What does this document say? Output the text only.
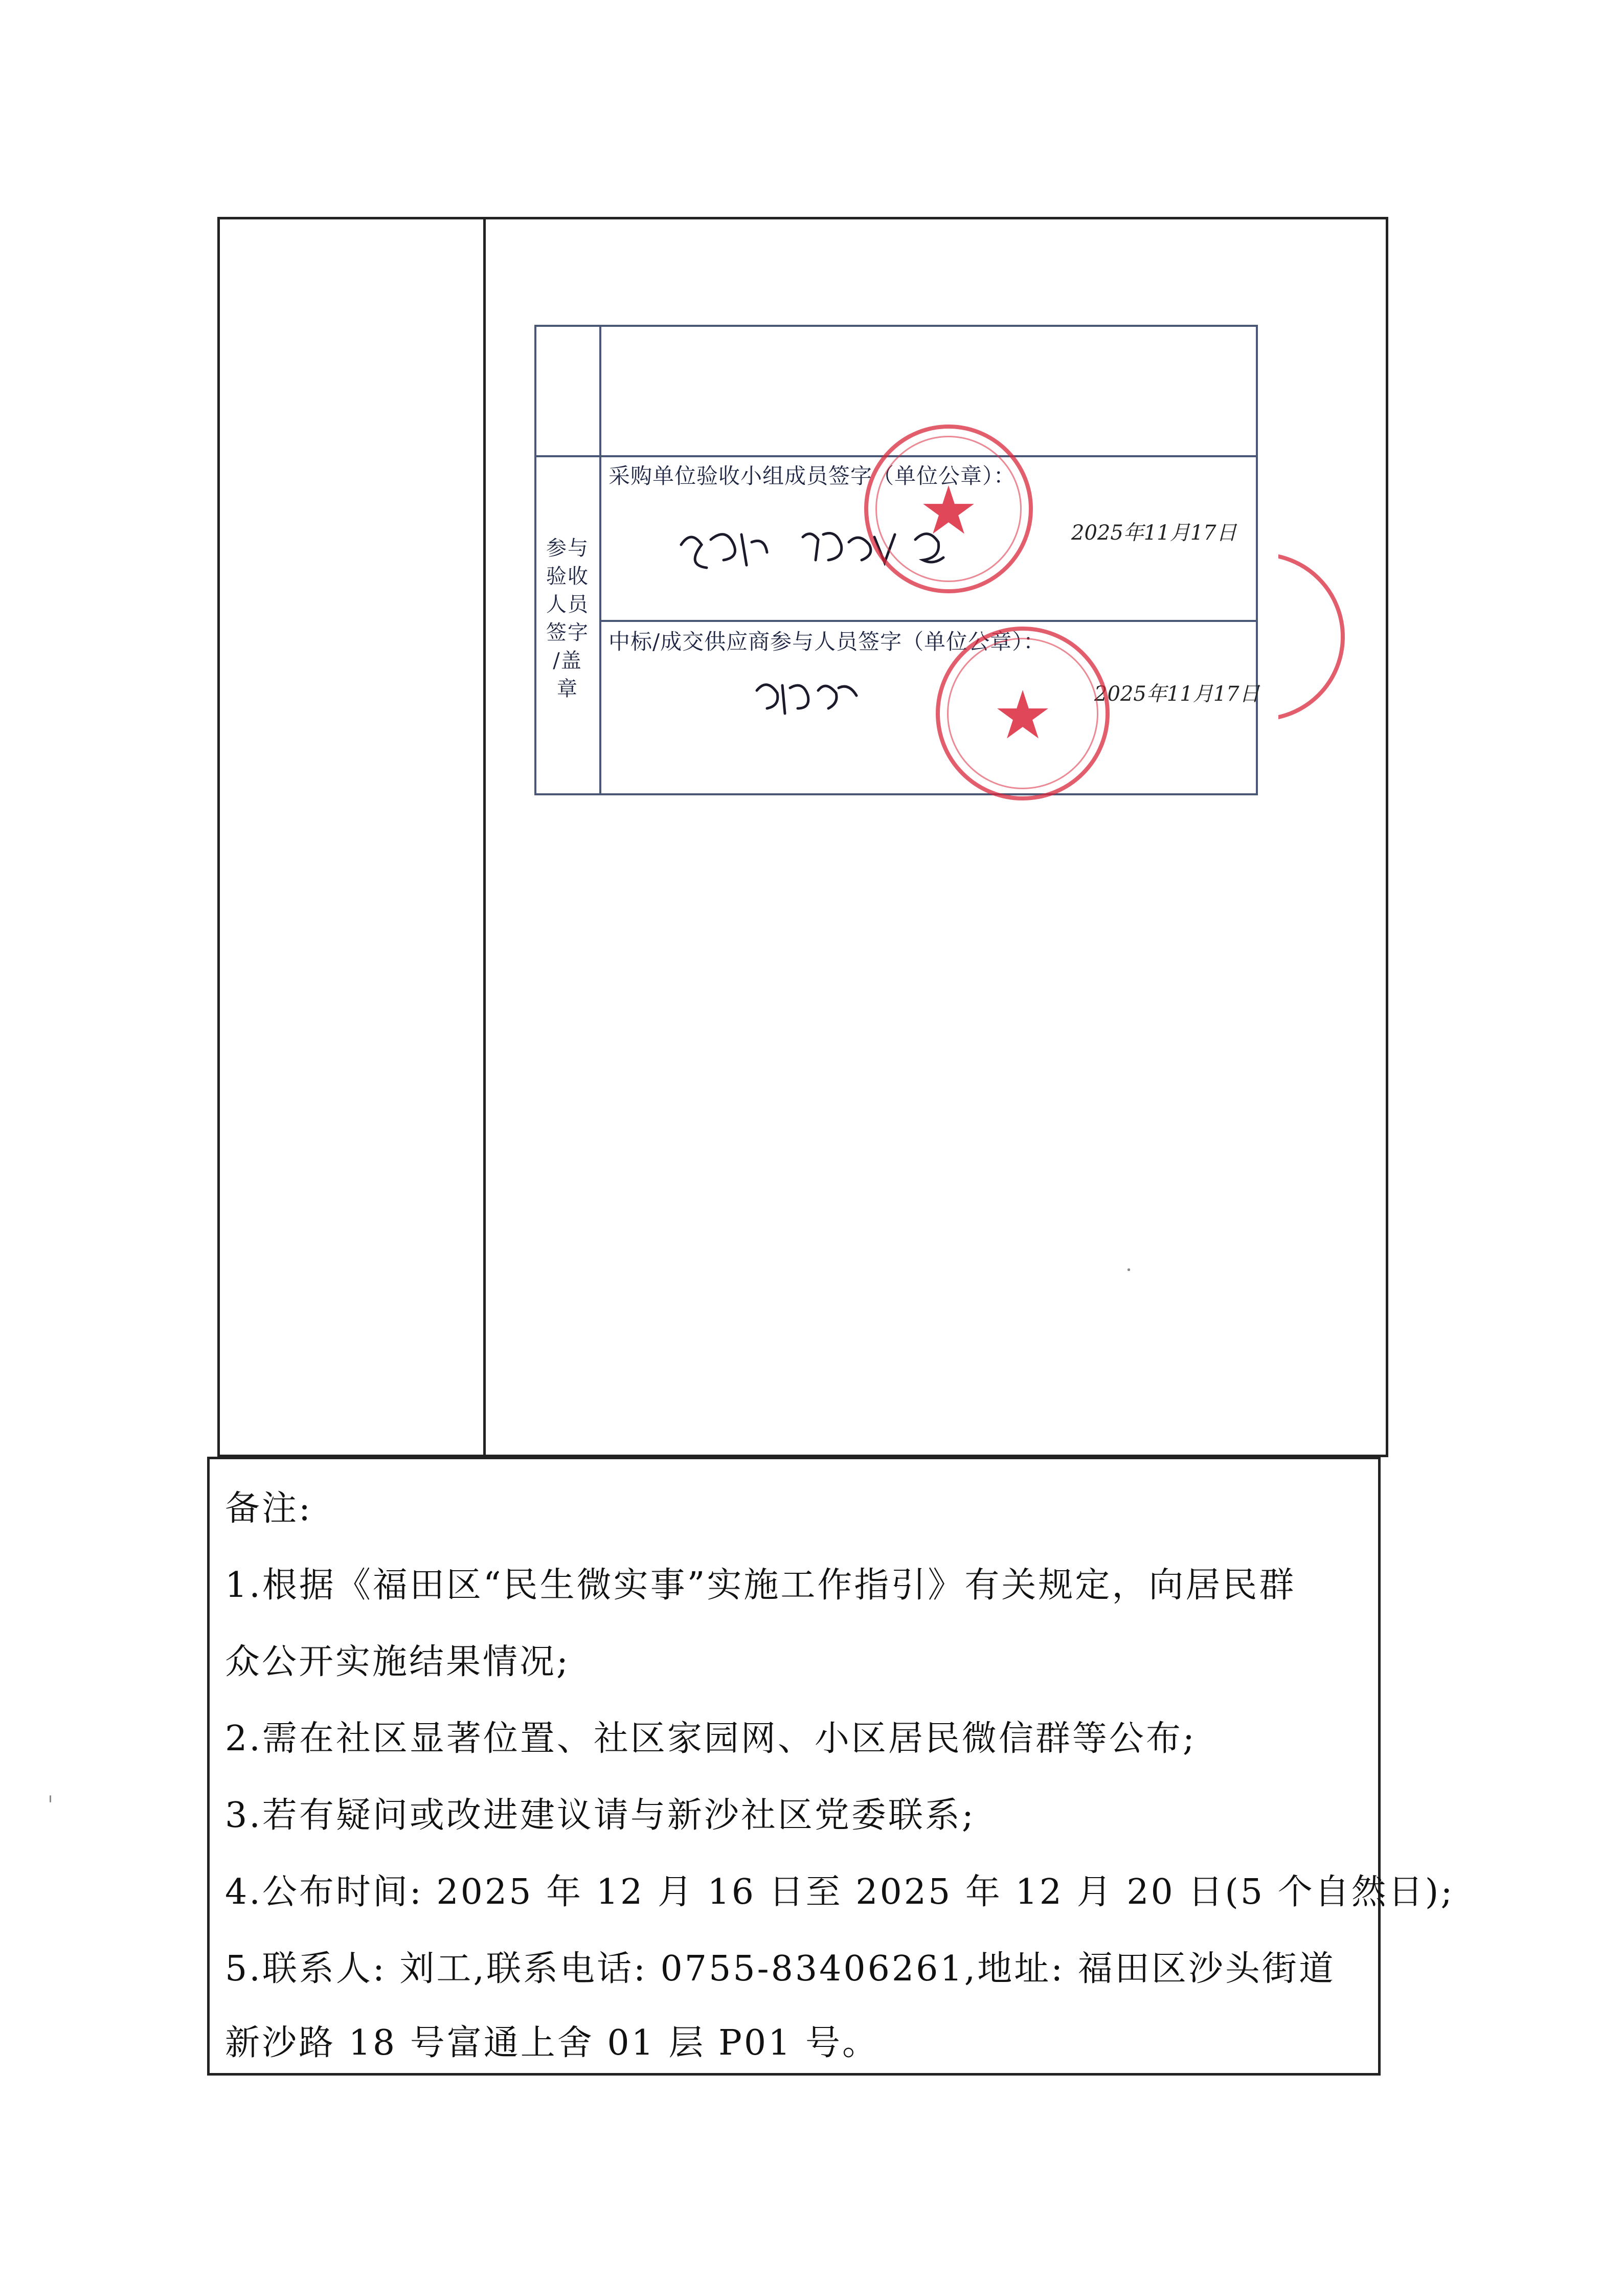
参与
验收
人员
签字
/盖
章
采购单位验收小组成员签字（单位公章）：
2025年11月17日
中标/成交供应商参与人员签字（单位公章）：
2025年11月17日
★
★
备注:
1.根据《福田区“民生微实事”实施工作指引》有关规定，向居民群
众公开实施结果情况;
2.需在社区显著位置、社区家园网、小区居民微信群等公布;
3.若有疑问或改进建议请与新沙社区党委联系;
4.公布时间: 2025 年 12 月 16 日至 2025 年 12 月 20 日(5 个自然日);
5.联系人: 刘工,联系电话: 0755-83406261,地址: 福田区沙头街道
新沙路 18 号富通上舍 01 层 P01 号。
